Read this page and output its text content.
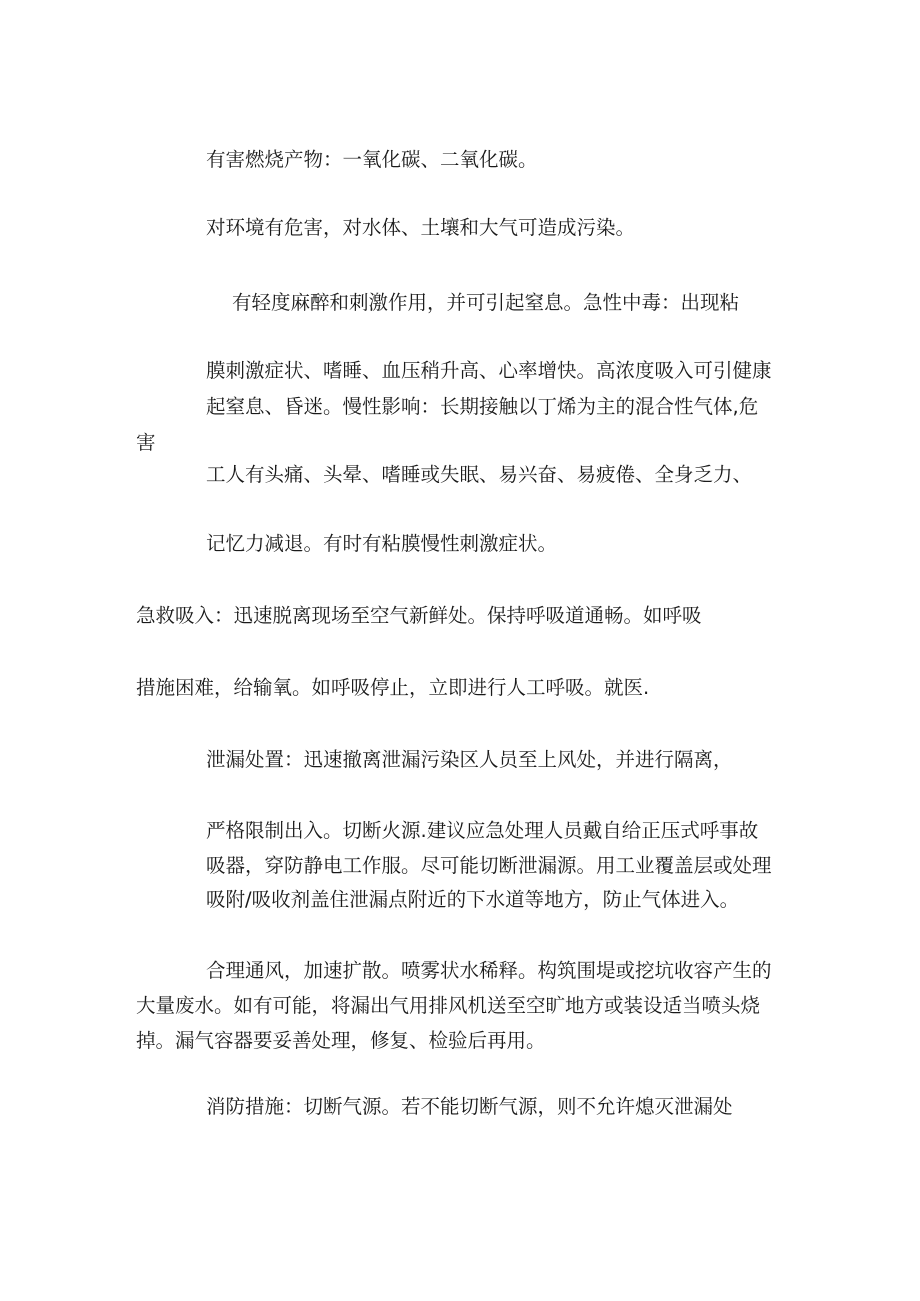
有害燃烧产物：一氧化碳、二氧化碳。
对环境有危害，对水体、土壤和大气可造成污染。
有轻度麻醉和刺激作用，并可引起窒息。急性中毒：出现粘
膜刺激症状、嗜睡、血压稍升高、心率增快。高浓度吸入可引健康
起窒息、昏迷。慢性影响：长期接触以丁烯为主的混合性气体,危
害
工人有头痛、头晕、嗜睡或失眠、易兴奋、易疲倦、全身乏力、
记忆力减退。有时有粘膜慢性刺激症状。
急救吸入：迅速脱离现场至空气新鲜处。保持呼吸道通畅。如呼吸
措施困难，给输氧。如呼吸停止，立即进行人工呼吸。就医.
泄漏处置：迅速撤离泄漏污染区人员至上风处，并进行隔离，
严格限制出入。切断火源.建议应急处理人员戴自给正压式呼事故
吸器，穿防静电工作服。尽可能切断泄漏源。用工业覆盖层或处理
吸附/吸收剂盖住泄漏点附近的下水道等地方，防止气体进入。
合理通风，加速扩散。喷雾状水稀释。构筑围堤或挖坑收容产生的
大量废水。如有可能，将漏出气用排风机送至空旷地方或装设适当喷头烧
掉。漏气容器要妥善处理，修复、检验后再用。
消防措施：切断气源。若不能切断气源，则不允许熄灭泄漏处
